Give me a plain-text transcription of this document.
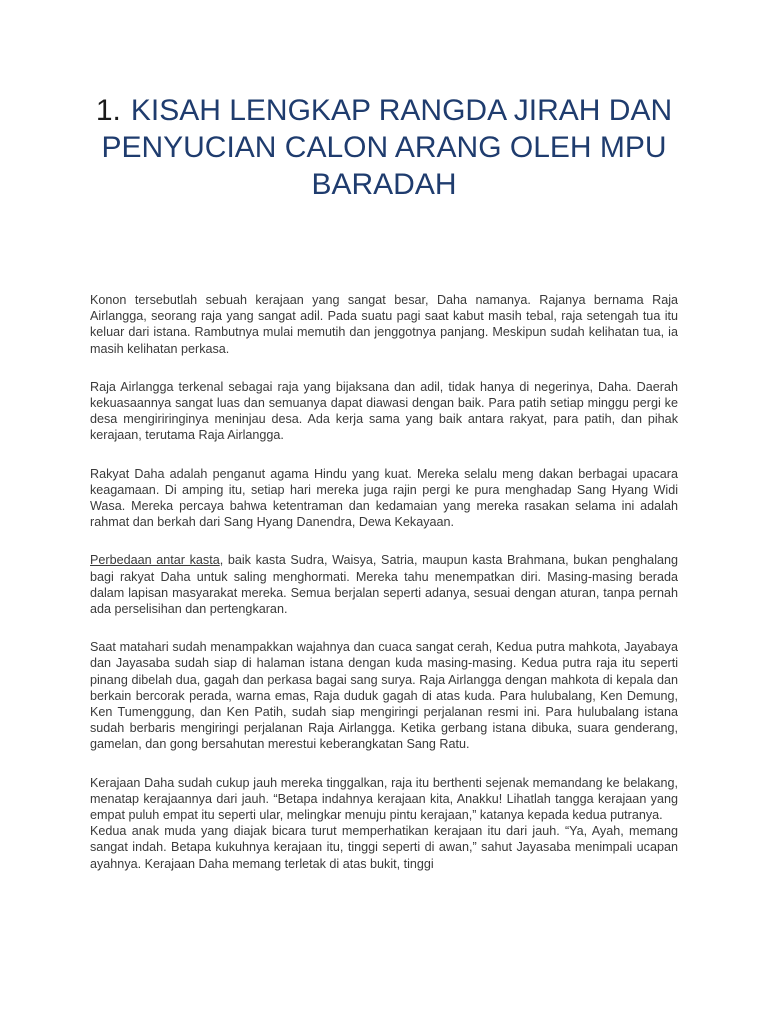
1. KISAH LENGKAP RANGDA JIRAH DAN PENYUCIAN CALON ARANG OLEH MPU BARADAH

Konon tersebutlah sebuah kerajaan yang sangat besar, Daha namanya. Rajanya bernama Raja Airlangga, seorang raja yang sangat adil. Pada suatu pagi saat kabut masih tebal, raja setengah tua itu keluar dari istana. Rambutnya mulai memutih dan jenggotnya panjang. Meskipun sudah kelihatan tua, ia masih kelihatan perkasa.

Raja Airlangga terkenal sebagai raja yang bijaksana dan adil, tidak hanya di negerinya, Daha. Daerah kekuasaannya sangat luas dan semuanya dapat diawasi dengan baik. Para patih setiap minggu pergi ke desa mengiriringinya meninjau desa. Ada kerja sama yang baik antara rakyat, para patih, dan pihak kerajaan, terutama Raja Airlangga.

Rakyat Daha adalah penganut agama Hindu yang kuat. Mereka selalu meng dakan berbagai upacara keagamaan. Di amping itu, setiap hari mereka juga rajin pergi ke pura menghadap Sang Hyang Widi Wasa. Mereka percaya bahwa ketentraman dan kedamaian yang mereka rasakan selama ini adalah rahmat dan berkah dari Sang Hyang Danendra, Dewa Kekayaan.

Perbedaan antar kasta, baik kasta Sudra, Waisya, Satria, maupun kasta Brahmana, bukan penghalang bagi rakyat Daha untuk saling menghormati. Mereka tahu menempatkan diri. Masing-masing berada dalam lapisan masyarakat mereka. Semua berjalan seperti adanya, sesuai dengan aturan, tanpa pernah ada perselisihan dan pertengkaran.

Saat matahari sudah menampakkan wajahnya dan cuaca sangat cerah, Kedua putra mahkota, Jayabaya dan Jayasaba sudah siap di halaman istana dengan kuda masing-masing. Kedua putra raja itu seperti pinang dibelah dua, gagah dan perkasa bagai sang surya. Raja Airlangga dengan mahkota di kepala dan berkain bercorak perada, warna emas, Raja duduk gagah di atas kuda. Para hulubalang, Ken Demung, Ken Tumenggung, dan Ken Patih, sudah siap mengiringi perjalanan resmi ini. Para hulubalang istana sudah berbaris mengiringi perjalanan Raja Airlangga. Ketika gerbang istana dibuka, suara genderang, gamelan, dan gong bersahutan merestui keberangkatan Sang Ratu.

Kerajaan Daha sudah cukup jauh mereka tinggalkan, raja itu berthenti sejenak memandang ke belakang, menatap kerajaannya dari jauh. “Betapa indahnya kerajaan kita, Anakku! Lihatlah tangga kerajaan yang empat puluh empat itu seperti ular, melingkar menuju pintu kerajaan,” katanya kepada kedua putranya.
Kedua anak muda yang diajak bicara turut memperhatikan kerajaan itu dari jauh. “Ya, Ayah, memang sangat indah. Betapa kukuhnya kerajaan itu, tinggi seperti di awan,” sahut Jayasaba menimpali ucapan ayahnya. Kerajaan Daha memang terletak di atas bukit, tinggi
